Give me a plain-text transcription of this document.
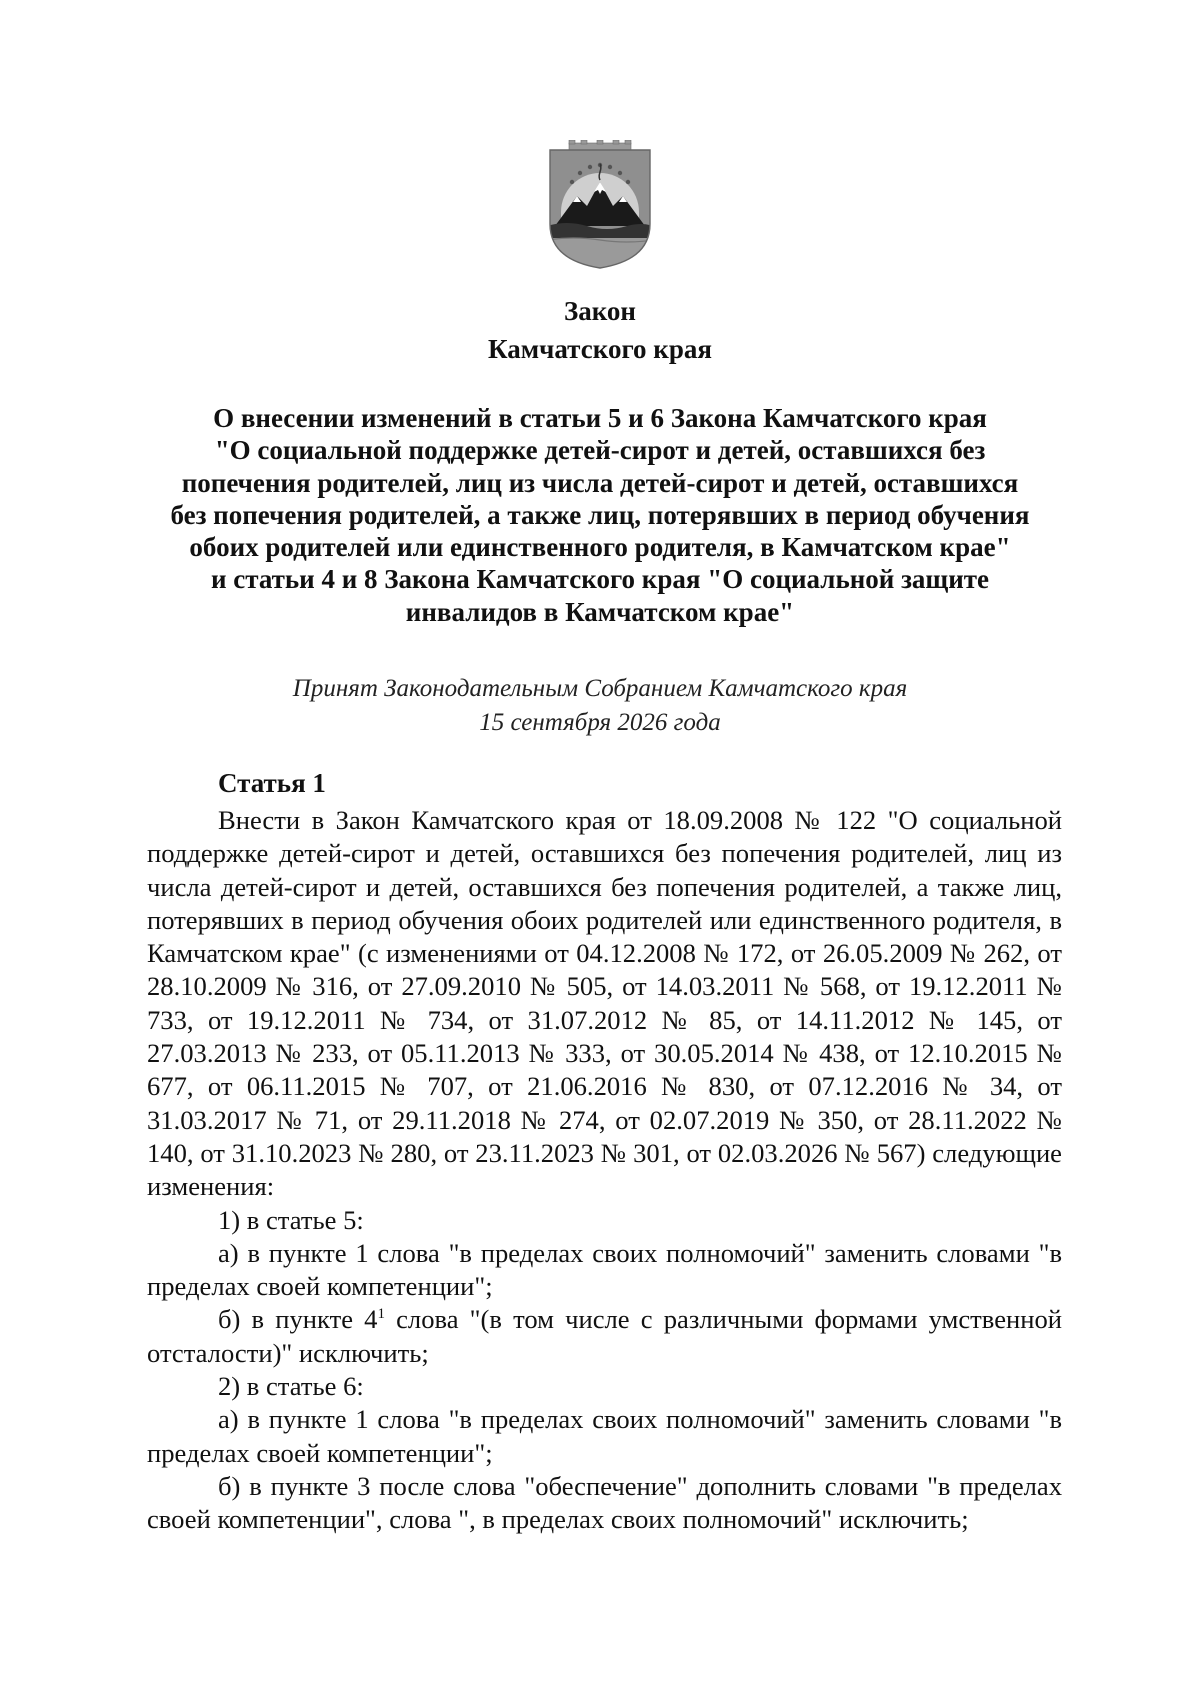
Закон
Камчатского края
О внесении изменений в статьи 5 и 6 Закона Камчатского края
"О социальной поддержке детей-сирот и детей, оставшихся без
попечения родителей, лиц из числа детей-сирот и детей, оставшихся
без попечения родителей, а также лиц, потерявших в период обучения
обоих родителей или единственного родителя, в Камчатском крае"
и статьи 4 и 8 Закона Камчатского края "О социальной защите
инвалидов в Камчатском крае"
Принят Законодательным Собранием Камчатского края
15 сентября 2026 года
Статья 1

Внести в Закон Камчатского края от 18.09.2008 № 122 "О социальной поддержке детей-сирот и детей, оставшихся без попечения родителей, лиц из числа детей-сирот и детей, оставшихся без попечения родителей, а также лиц, потерявших в период обучения обоих родителей или единственного родителя, в Камчатском крае" (с изменениями от 04.12.2008 № 172, от 26.05.2009 № 262, от 28.10.2009 № 316, от 27.09.2010 № 505, от 14.03.2011 № 568, от 19.12.2011 № 733, от 19.12.2011 № 734, от 31.07.2012 № 85, от 14.11.2012 № 145, от 27.03.2013 № 233, от 05.11.2013 № 333, от 30.05.2014 № 438, от 12.10.2015 № 677, от 06.11.2015 № 707, от 21.06.2016 № 830, от 07.12.2016 № 34, от 31.03.2017 № 71, от 29.11.2018 № 274, от 02.07.2019 № 350, от 28.11.2022 № 140, от 31.10.2023 № 280, от 23.11.2023 № 301, от 02.03.2026 № 567) следующие изменения:

1) в статье 5:

а) в пункте 1 слова "в пределах своих полномочий" заменить словами "в пределах своей компетенции";

б) в пункте $4^1$ слова "(в том числе с различными формами умственной отсталости)" исключить;

2) в статье 6:

а) в пункте 1 слова "в пределах своих полномочий" заменить словами "в пределах своей компетенции";

б) в пункте 3 после слова "обеспечение" дополнить словами "в пределах своей компетенции", слова ", в пределах своих полномочий" исключить;
